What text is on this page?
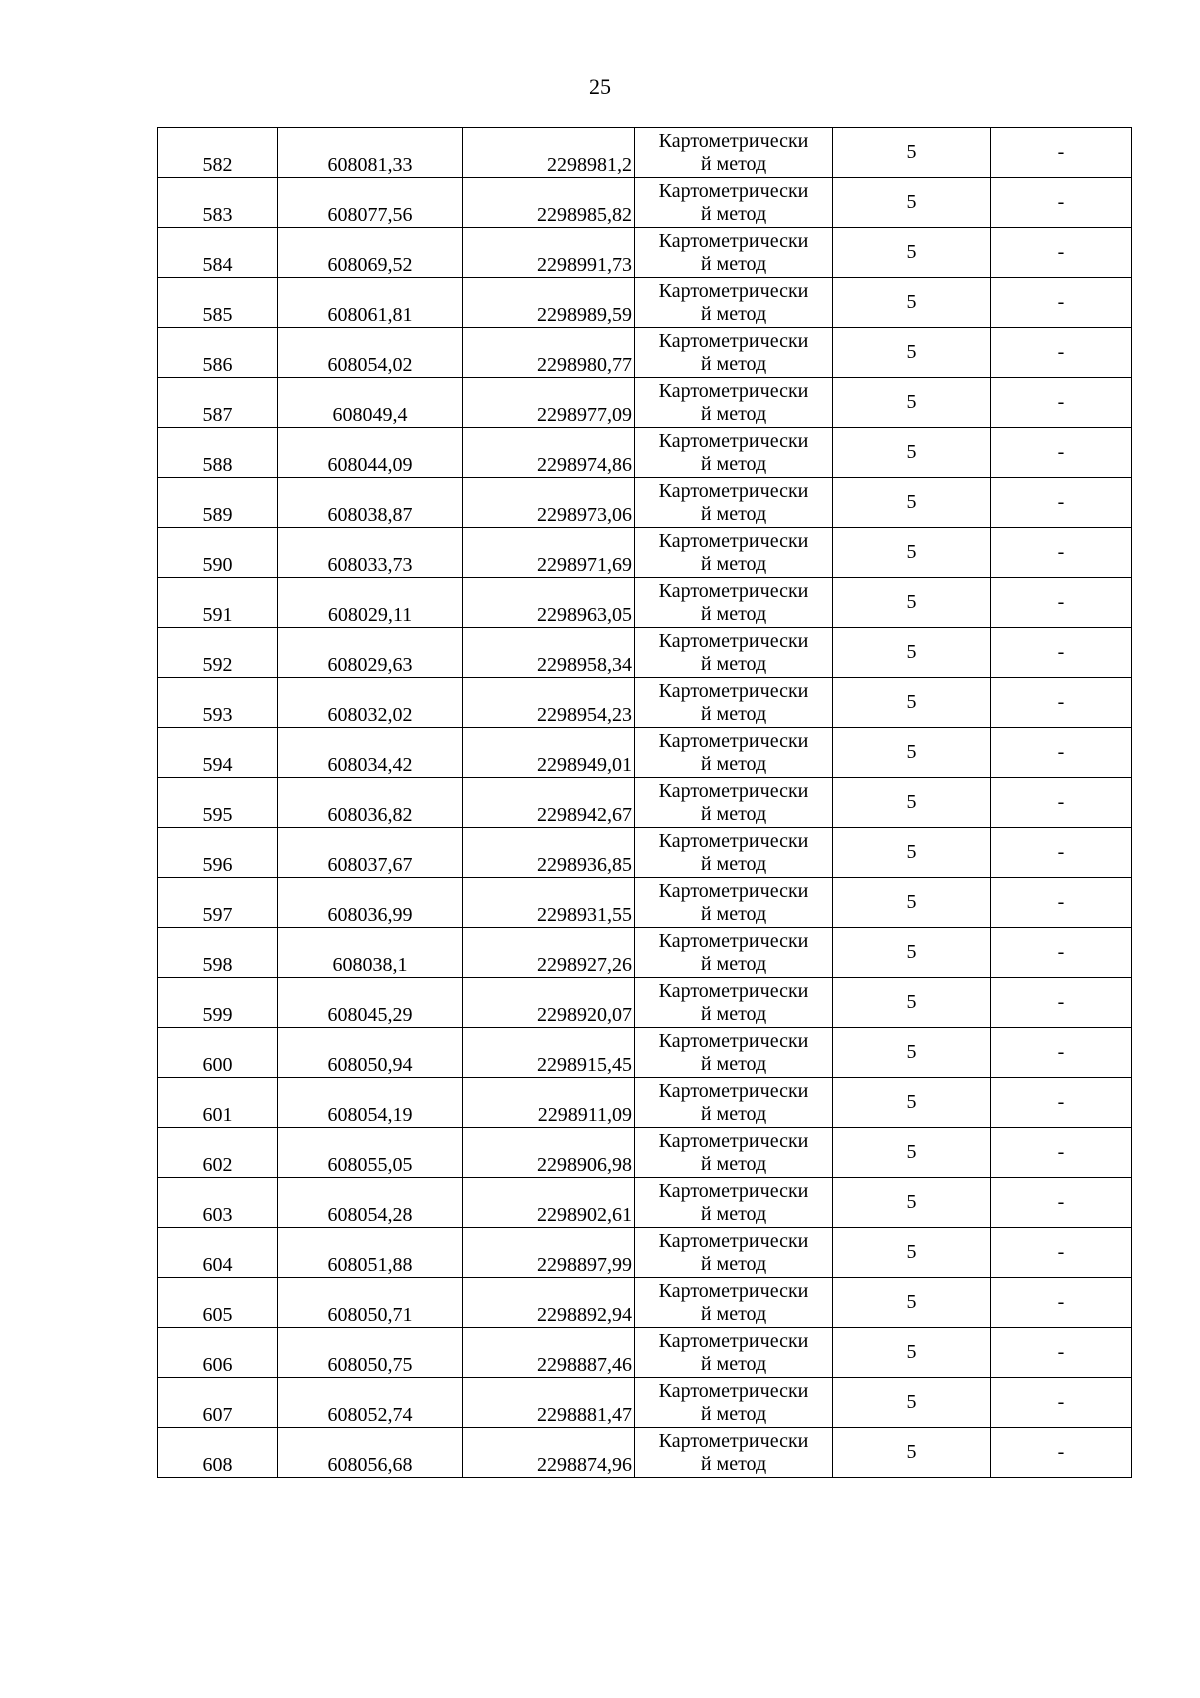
25
582	608081,33	2298981,2	Картометрически
й метод	5	-
583	608077,56	2298985,82	Картометрически
й метод	5	-
584	608069,52	2298991,73	Картометрически
й метод	5	-
585	608061,81	2298989,59	Картометрически
й метод	5	-
586	608054,02	2298980,77	Картометрически
й метод	5	-
587	608049,4	2298977,09	Картометрически
й метод	5	-
588	608044,09	2298974,86	Картометрически
й метод	5	-
589	608038,87	2298973,06	Картометрически
й метод	5	-
590	608033,73	2298971,69	Картометрически
й метод	5	-
591	608029,11	2298963,05	Картометрически
й метод	5	-
592	608029,63	2298958,34	Картометрически
й метод	5	-
593	608032,02	2298954,23	Картометрически
й метод	5	-
594	608034,42	2298949,01	Картометрически
й метод	5	-
595	608036,82	2298942,67	Картометрически
й метод	5	-
596	608037,67	2298936,85	Картометрически
й метод	5	-
597	608036,99	2298931,55	Картометрически
й метод	5	-
598	608038,1	2298927,26	Картометрически
й метод	5	-
599	608045,29	2298920,07	Картометрически
й метод	5	-
600	608050,94	2298915,45	Картометрически
й метод	5	-
601	608054,19	2298911,09	Картометрически
й метод	5	-
602	608055,05	2298906,98	Картометрически
й метод	5	-
603	608054,28	2298902,61	Картометрически
й метод	5	-
604	608051,88	2298897,99	Картометрически
й метод	5	-
605	608050,71	2298892,94	Картометрически
й метод	5	-
606	608050,75	2298887,46	Картометрически
й метод	5	-
607	608052,74	2298881,47	Картометрически
й метод	5	-
608	608056,68	2298874,96	Картометрически
й метод	5	-
